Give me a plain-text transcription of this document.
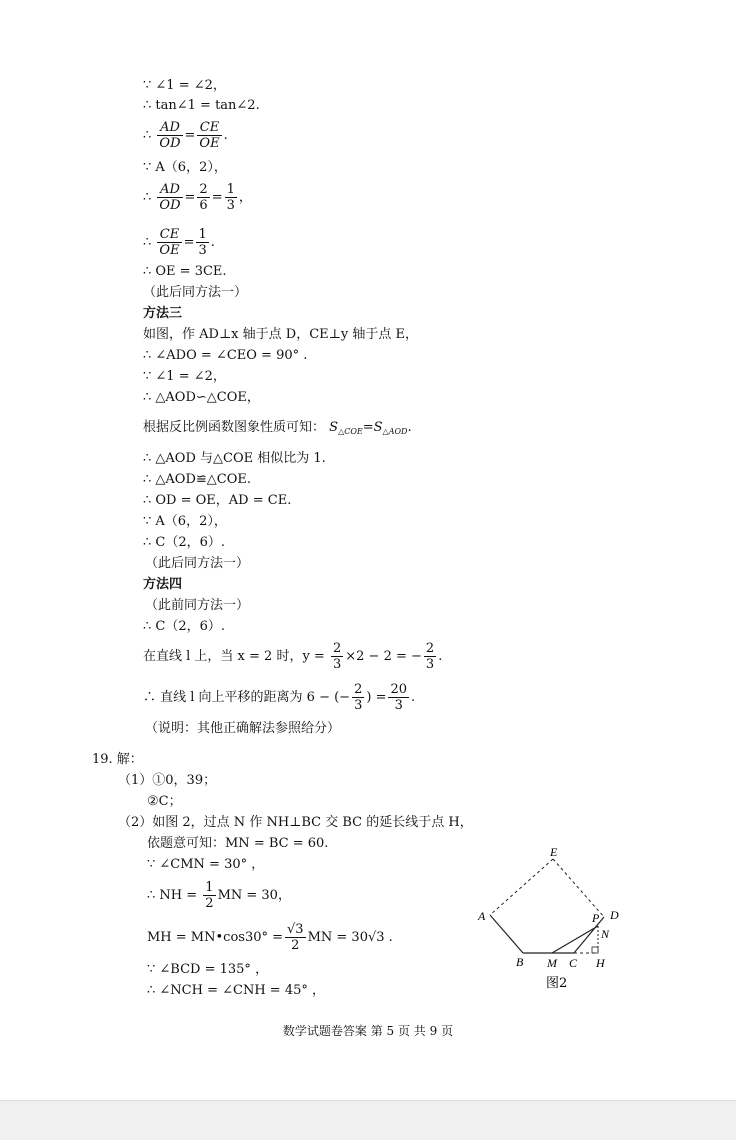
∵ ∠1 = ∠2，
∴ tan∠1 = tan∠2.
∴ $\frac{AD}{OD} = \frac{CE}{OE}$ .
∵ A（6，2），
∴ $\frac{AD}{OD} = \frac{2}{6} = \frac{1}{3}$ ，
∴ $\frac{CE}{OE} = \frac{1}{3}$ .
∴ OE = 3CE.
（此后同方法一）
方法三
如图，作 AD⊥x 轴于点 D，CE⊥y 轴于点 E，
∴ ∠ADO = ∠CEO = 90° .
∵ ∠1 = ∠2，
∴ △AOD∽△COE，
根据反比例函数图象性质可知： $S_{\triangle COE}=S_{\triangle AOD}$.
∴ △AOD 与△COE 相似比为 1.
∴ △AOD≌△COE.
∴ OD = OE，AD = CE.
∵ A（6，2），
∴ C（2，6）.
（此后同方法一）
方法四
（此前同方法一）
∴ C（2，6）.
在直线 l 上，当 x = 2 时，$y = \frac{2}{3} \times 2 - 2$ = − $\frac{2}{3}$ .
∴ 直线 l 向上平移的距离为 6 − (− $\frac{2}{3}$ ) = $\frac{20}{3}$ .
（说明：其他正确解法参照给分）
19. 解：
（1）①0，39；
②C；
（2）如图 2，过点 N 作 NH⊥BC 交 BC 的延长线于点 H，
依题意可知：MN = BC = 60.
∵ ∠CMN = 30° ，
∴ NH = $\frac{1}{2}$ MN = 30，
MH = MN•cos30° = $\frac{√3}{2}$ MN = 30√3 .
∵ ∠BCD = 135° ，
∴ ∠NCH = ∠CNH = 45° ，
E
A	P D
N
B M C H
图2
数学试题卷答案 第 5 页 共 9 页
